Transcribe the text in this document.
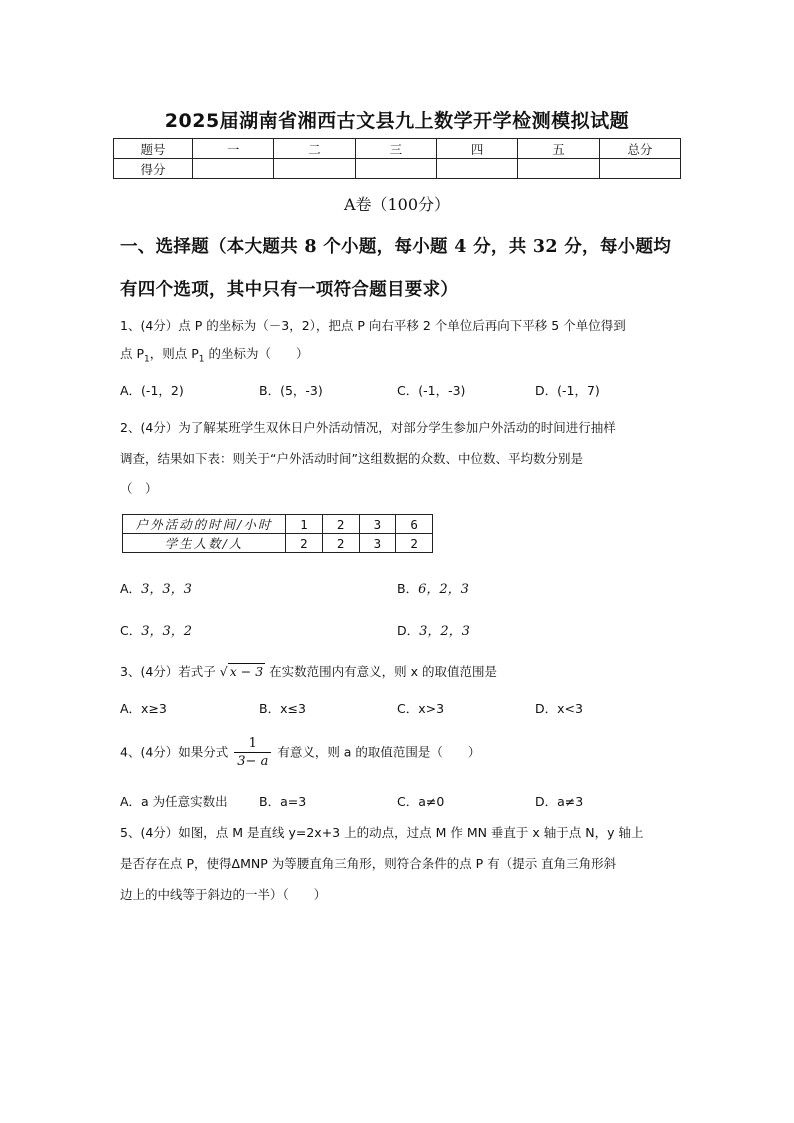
2025届湖南省湘西古文县九上数学开学检测模拟试题
题号	一	二	三	四	五	总分
得分						
A卷（100分）
一、选择题（本大题共 8 个小题，每小题 4 分，共 32 分，每小题均
有四个选项，其中只有一项符合题目要求）
1、(4分）点 P 的坐标为（－3，2），把点 P 向右平移 2 个单位后再向下平移 5 个单位得到
点 $P_1$，则点 $P_1$ 的坐标为（　　）
A．(-1，2)	B．(5，-3)	C．(-1，-3)	D．(-1，7)
2、(4分）为了解某班学生双休日户外活动情况，对部分学生参加户外活动的时间进行抽样
调查，结果如下表：则关于“户外活动时间”这组数据的众数、中位数、平均数分别是
（　）
户外活动的时间/小时	1	2	3	6
学生人数/人	2	2	3	2
A．3，3，3	B．6，2，3
C．3，3，2	D．3，2，3
3、(4分）若式子 √ x − 3 在实数范围内有意义，则 x 的取值范围是
A．x≥3	B．x≤3	C．x>3	D．x<3
4、(4分）如果分式 $\frac{1}{3- a}$ 有意义，则 a 的取值范围是（　　）
A．a 为任意实数出	B．a=3	C．a≠0	D．a≠3
5、(4分）如图，点 M 是直线 y=2x+3 上的动点，过点 M 作 MN 垂直于 x 轴于点 N，y 轴上
是否存在点 P，使得ΔMNP 为等腰直角三角形，则符合条件的点 P 有（提示 直角三角形斜
边上的中线等于斜边的一半）（　　）
